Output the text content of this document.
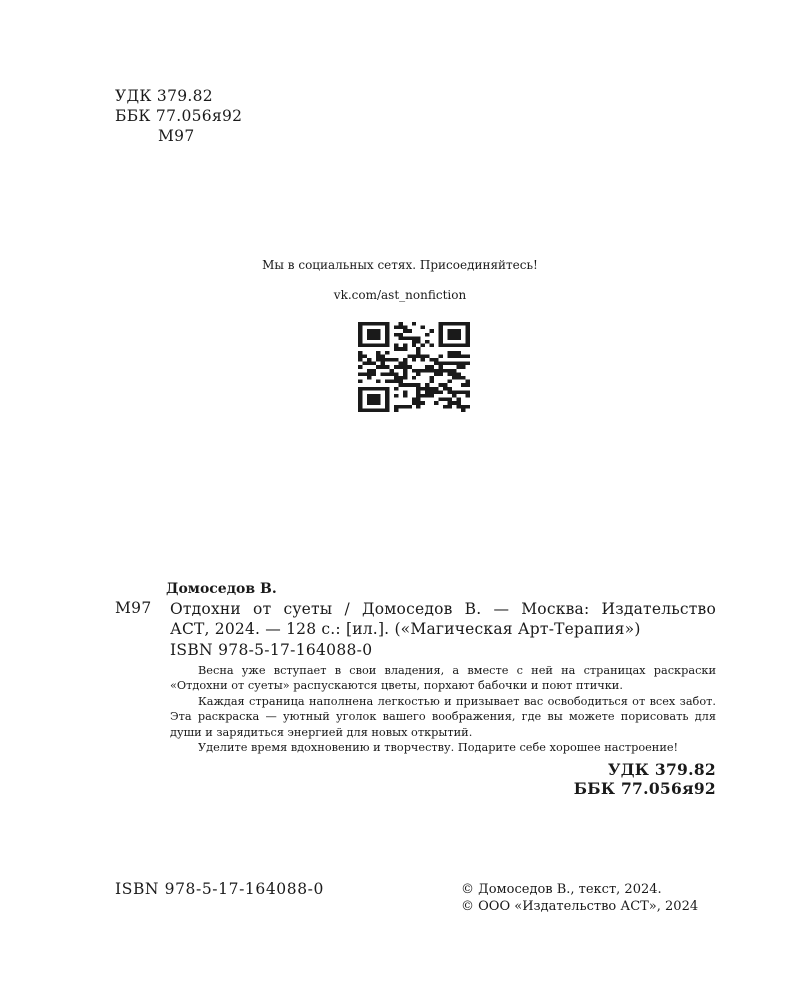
УДК 379.82
ББК 77.056я92
М97
Мы в социальных сетях. Присоединяйтесь!
vk.com/ast_nonfiction
Домоседов В.
М97 Отдохни от суеты / Домоседов В. — Москва: Издательство
АСТ, 2024. — 128 с.: [ил.]. («Магическая Арт-Терапия»)
ISBN 978-5-17-164088-0
Весна уже вступает в свои владения, а вместе с ней на страницах раскраски «Отдохни от суеты» распускаются цветы, порхают бабочки и поют птички.
Каждая страница наполнена легкостью и призывает вас освободиться от всех забот. Эта раскраска — уютный уголок вашего воображения, где вы можете порисовать для души и зарядиться энергией для новых открытий.
Уделите время вдохновению и творчеству. Подарите себе хорошее настроение!
УДК 379.82
ББК 77.056я92
ISBN 978-5-17-164088-0	© Домоседов В., текст, 2024.
© ООО «Издательство АСТ», 2024
